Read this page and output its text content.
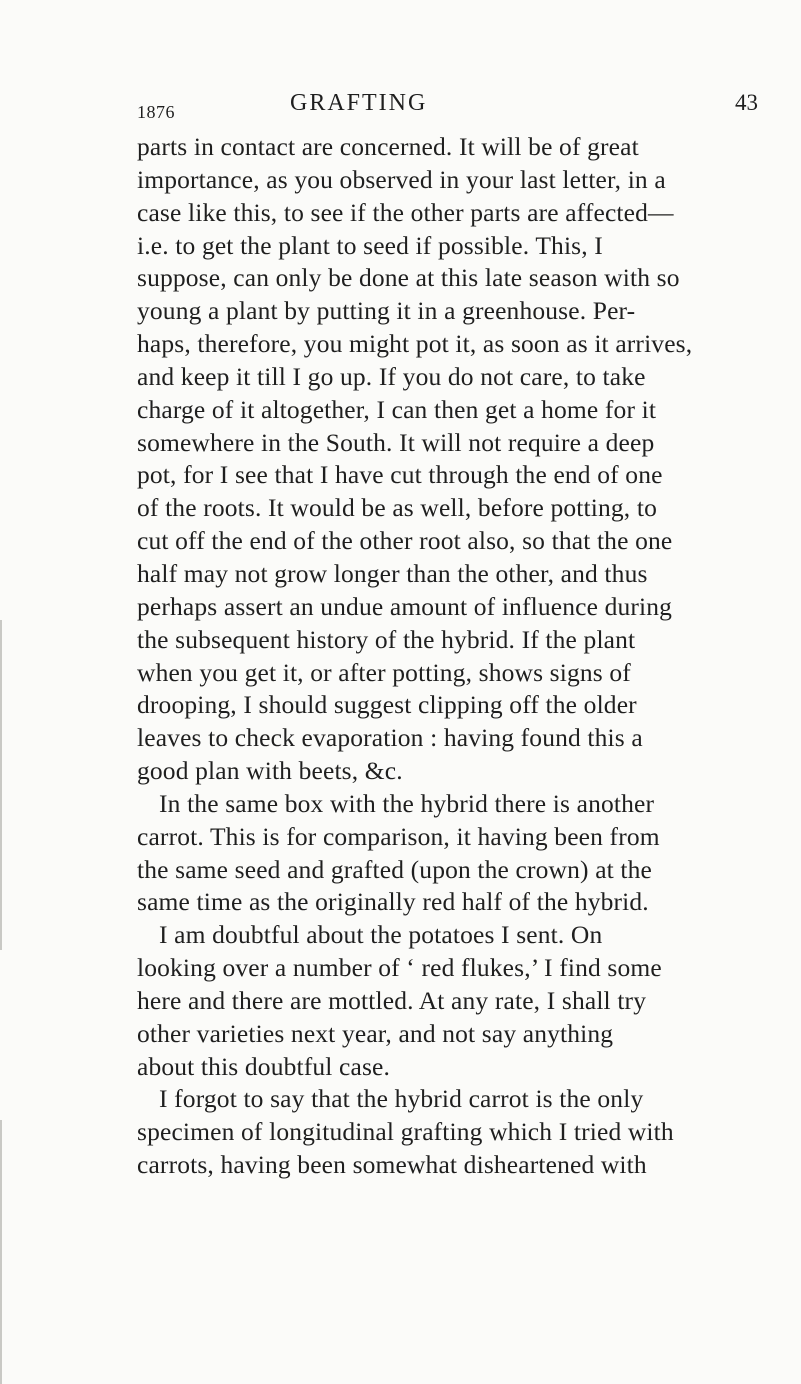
1876	GRAFTING	43
parts in contact are concerned. It will be of great
importance, as you observed in your last letter, in a
case like this, to see if the other parts are affected—
i.e. to get the plant to seed if possible. This, I
suppose, can only be done at this late season with so
young a plant by putting it in a greenhouse. Per-
haps, therefore, you might pot it, as soon as it arrives,
and keep it till I go up. If you do not care, to take
charge of it altogether, I can then get a home for it
somewhere in the South. It will not require a deep
pot, for I see that I have cut through the end of one
of the roots. It would be as well, before potting, to
cut off the end of the other root also, so that the one
half may not grow longer than the other, and thus
perhaps assert an undue amount of influence during
the subsequent history of the hybrid. If the plant
when you get it, or after potting, shows signs of
drooping, I should suggest clipping off the older
leaves to check evaporation : having found this a
good plan with beets, &c.
In the same box with the hybrid there is another
carrot. This is for comparison, it having been from
the same seed and grafted (upon the crown) at the
same time as the originally red half of the hybrid.
I am doubtful about the potatoes I sent. On
looking over a number of ‘ red flukes,’ I find some
here and there are mottled. At any rate, I shall try
other varieties next year, and not say anything
about this doubtful case.
I forgot to say that the hybrid carrot is the only
specimen of longitudinal grafting which I tried with
carrots, having been somewhat disheartened with
